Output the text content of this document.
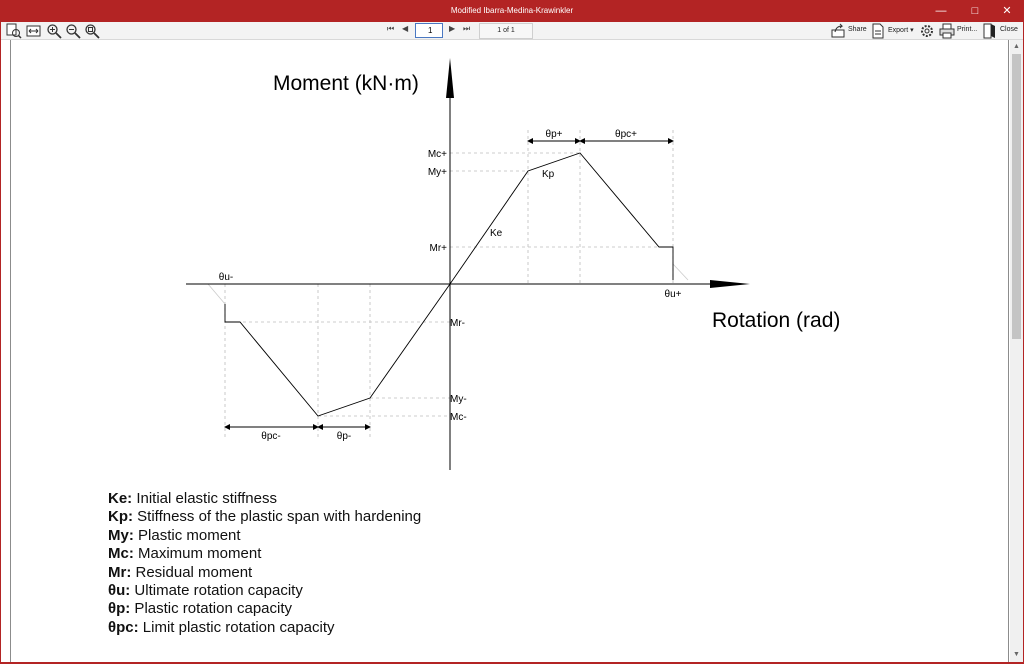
Modified Ibarra-Medina-Krawinkler	—	□	✕
⏮ ◀
1	▶ ⏭	1 of 1	Share	Export ▾	Print...	Close
Moment (kN·m)
Rotation (rad)
Mc+
My+
Mr+
Mr-
My-
Mc-
θu-
θu+
θp+	θpc+
θpc-	θp-
Kp
Ke
Ke: Initial elastic stiffness
Kp: Stiffness of the plastic span with hardening
My: Plastic moment
Mc: Maximum moment
Mr: Residual moment
θu: Ultimate rotation capacity
θp: Plastic rotation capacity
θpc: Limit plastic rotation capacity
▲
▼
